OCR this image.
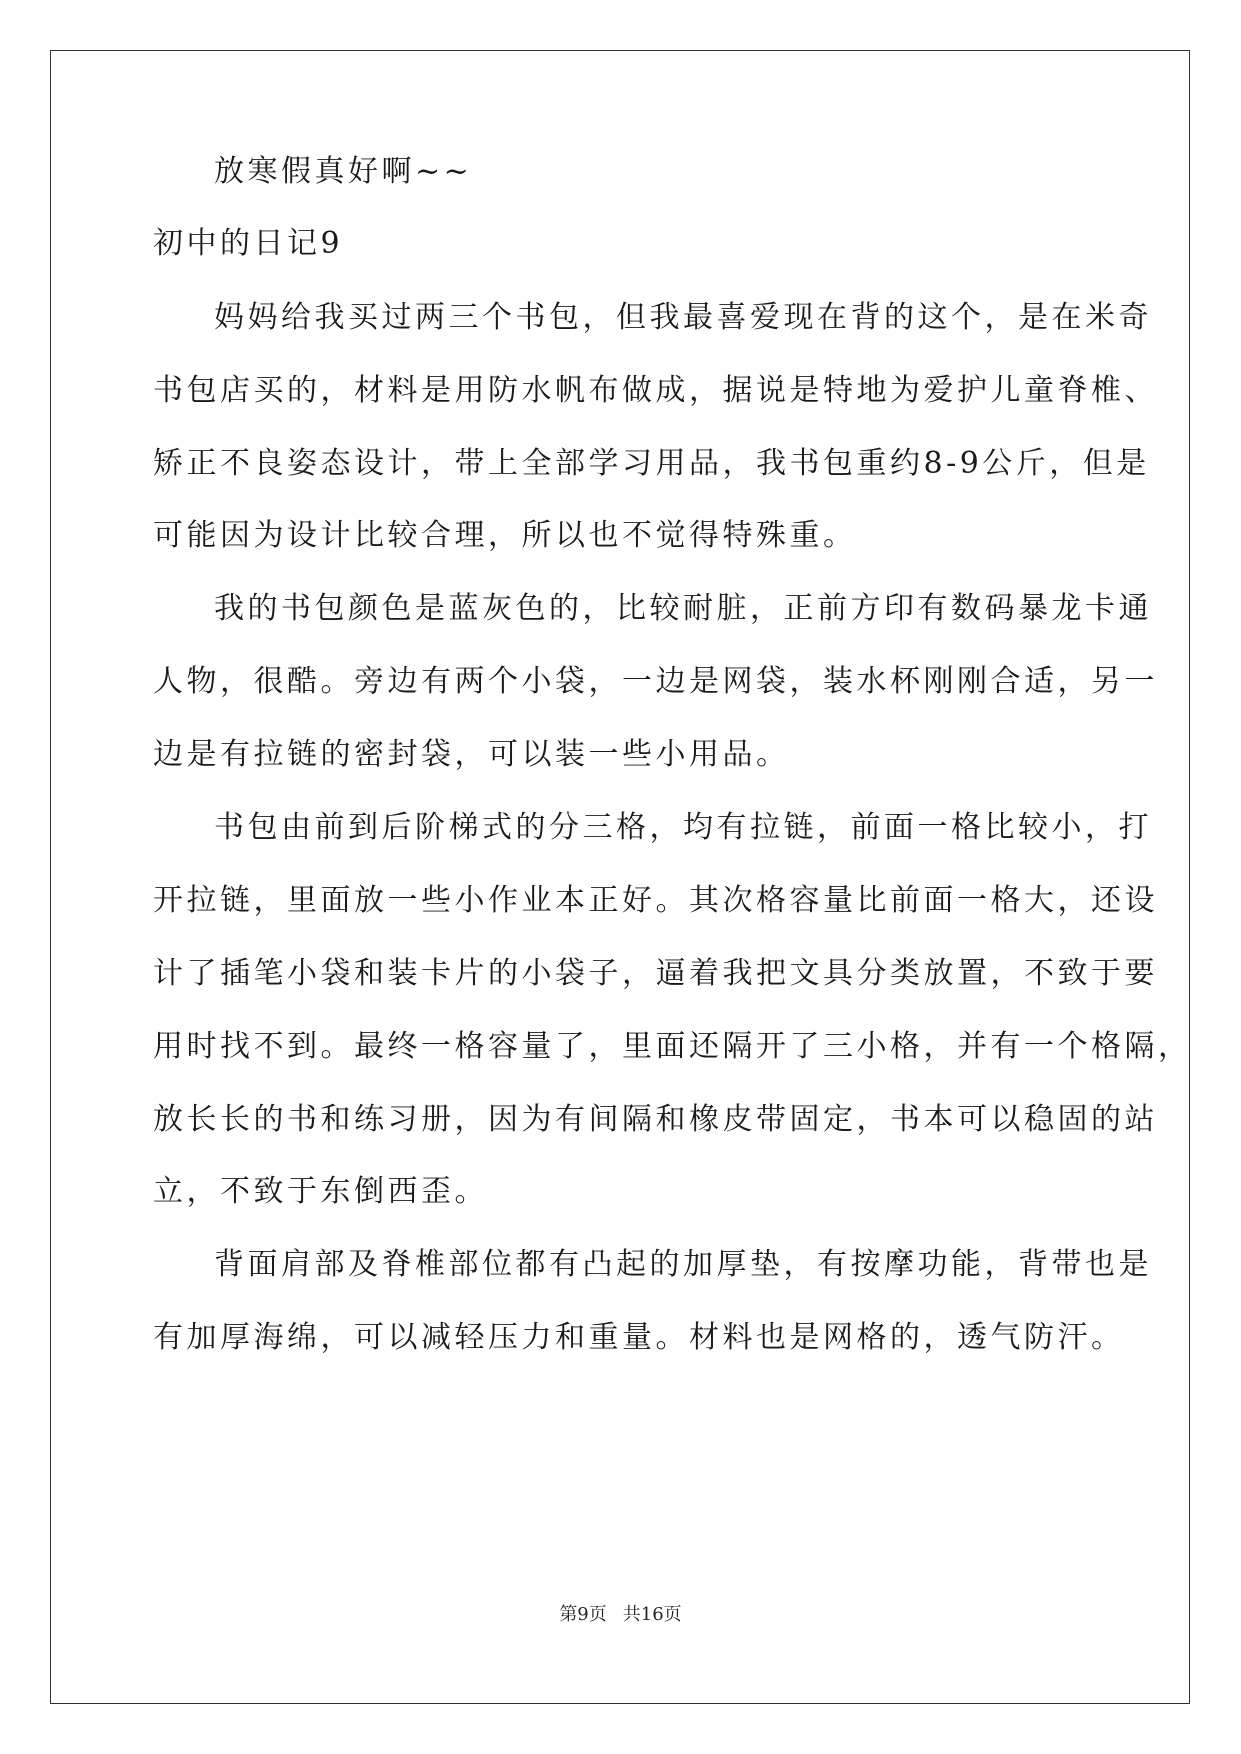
放寒假真好啊~~
初中的日记9
妈妈给我买过两三个书包，但我最喜爱现在背的这个，是在米奇
书包店买的，材料是用防水帆布做成，据说是特地为爱护儿童脊椎、
矫正不良姿态设计，带上全部学习用品，我书包重约8-9公斤，但是
可能因为设计比较合理，所以也不觉得特殊重。
我的书包颜色是蓝灰色的，比较耐脏，正前方印有数码暴龙卡通
人物，很酷。旁边有两个小袋，一边是网袋，装水杯刚刚合适，另一
边是有拉链的密封袋，可以装一些小用品。
书包由前到后阶梯式的分三格，均有拉链，前面一格比较小，打
开拉链，里面放一些小作业本正好。其次格容量比前面一格大，还设
计了插笔小袋和装卡片的小袋子，逼着我把文具分类放置，不致于要
用时找不到。最终一格容量了，里面还隔开了三小格，并有一个格隔，
放长长的书和练习册，因为有间隔和橡皮带固定，书本可以稳固的站
立，不致于东倒西歪。
背面肩部及脊椎部位都有凸起的加厚垫，有按摩功能，背带也是
有加厚海绵，可以减轻压力和重量。材料也是网格的，透气防汗。
第9页 共16页
